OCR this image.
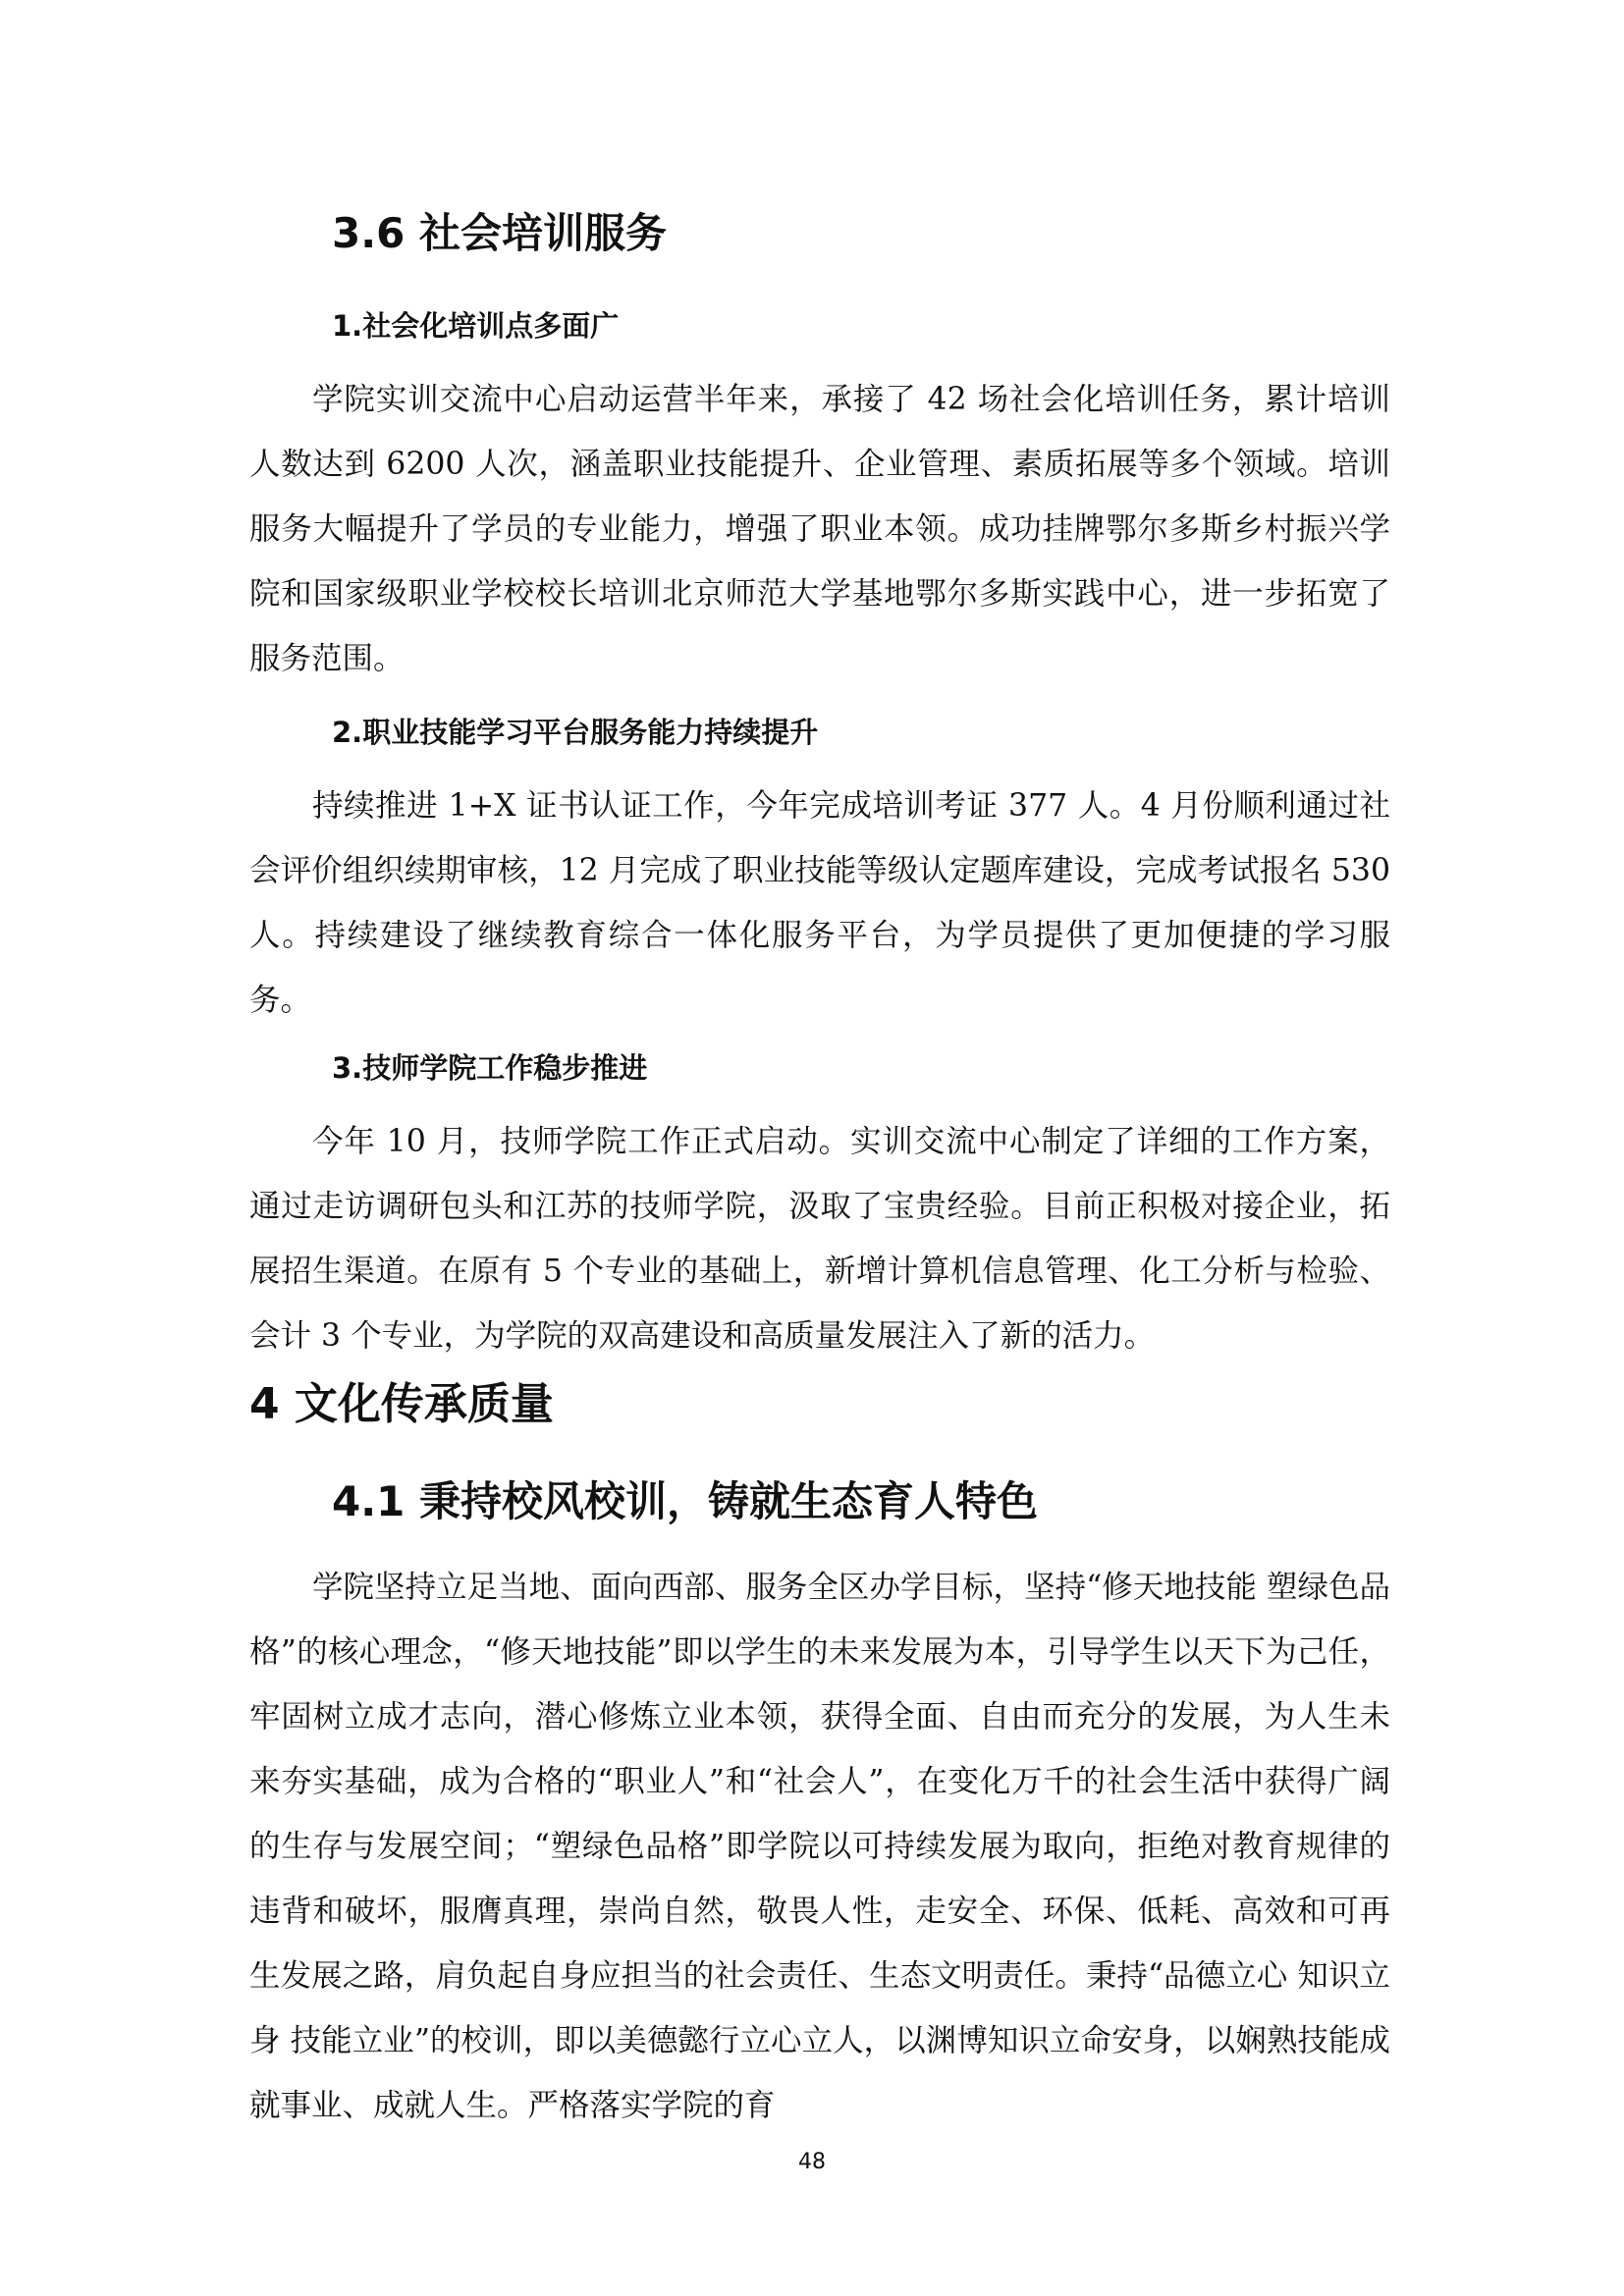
3.6 社会培训服务
1.社会化培训点多面广

学院实训交流中心启动运营半年来，承接了 42 场社会化培训任务，累计培训人数达到 6200 人次，涵盖职业技能提升、企业管理、素质拓展等多个领域。培训服务大幅提升了学员的专业能力，增强了职业本领。成功挂牌鄂尔多斯乡村振兴学院和国家级职业学校校长培训北京师范大学基地鄂尔多斯实践中心，进一步拓宽了服务范围。

2.职业技能学习平台服务能力持续提升

持续推进 1+X 证书认证工作，今年完成培训考证 377 人。4 月份顺利通过社会评价组织续期审核，12 月完成了职业技能等级认定题库建设，完成考试报名 530 人。持续建设了继续教育综合一体化服务平台，为学员提供了更加便捷的学习服务。

3.技师学院工作稳步推进

今年 10 月，技师学院工作正式启动。实训交流中心制定了详细的工作方案，通过走访调研包头和江苏的技师学院，汲取了宝贵经验。目前正积极对接企业，拓展招生渠道。在原有 5 个专业的基础上，新增计算机信息管理、化工分析与检验、会计 3 个专业，为学院的双高建设和高质量发展注入了新的活力。

4 文化传承质量
4.1 秉持校风校训，铸就生态育人特色

学院坚持立足当地、面向西部、服务全区办学目标，坚持“修天地技能 塑绿色品格”的核心理念，“修天地技能”即以学生的未来发展为本，引导学生以天下为己任，牢固树立成才志向，潜心修炼立业本领，获得全面、自由而充分的发展，为人生未来夯实基础，成为合格的“职业人”和“社会人”，在变化万千的社会生活中获得广阔的生存与发展空间；“塑绿色品格”即学院以可持续发展为取向，拒绝对教育规律的违背和破坏，服膺真理，崇尚自然，敬畏人性，走安全、环保、低耗、高效和可再生发展之路，肩负起自身应担当的社会责任、生态文明责任。秉持“品德立心 知识立身 技能立业”的校训，即以美德懿行立心立人，以渊博知识立命安身，以娴熟技能成就事业、成就人生。严格落实学院的育

48
